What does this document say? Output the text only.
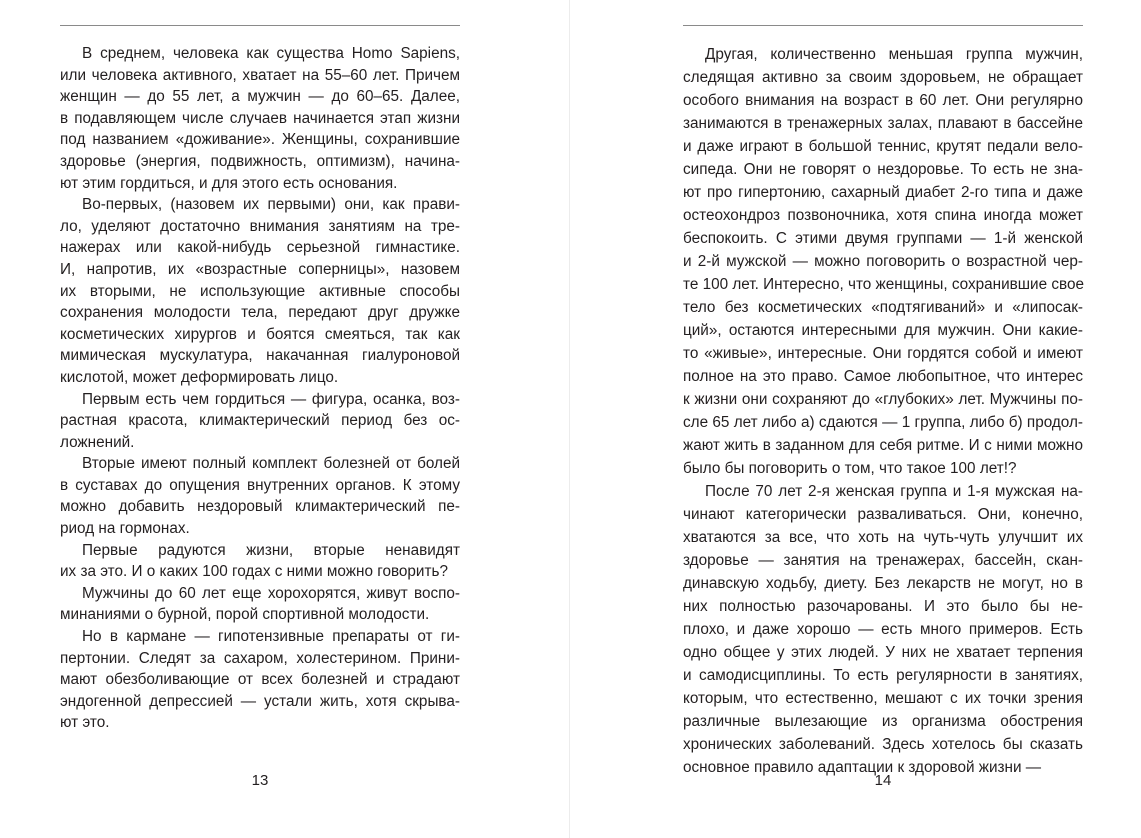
В среднем, человека как существа Homo Sapiens,
или человека активного, хватает на 55–60 лет. Причем
женщин — до 55 лет, а мужчин — до 60–65. Далее,
в подавляющем числе случаев начинается этап жизни
под названием «доживание». Женщины, сохранившие
здоровье (энергия, подвижность, оптимизм), начина-
ют этим гордиться, и для этого есть основания.
Во-первых, (назовем их первыми) они, как прави-
ло, уделяют достаточно внимания занятиям на тре-
нажерах или какой-нибудь серьезной гимнастике.
И, напротив, их «возрастные соперницы», назовем
их вторыми, не использующие активные способы
сохранения молодости тела, передают друг дружке
косметических хирургов и боятся смеяться, так как
мимическая мускулатура, накачанная гиалуроновой
кислотой, может деформировать лицо.
Первым есть чем гордиться — фигура, осанка, воз-
растная красота, климактерический период без ос-
ложнений.
Вторые имеют полный комплект болезней от болей
в суставах до опущения внутренних органов. К этому
можно добавить нездоровый климактерический пе-
риод на гормонах.
Первые радуются жизни, вторые ненавидят
их за это. И о каких 100 годах с ними можно говорить?
Мужчины до 60 лет еще хорохорятся, живут воспо-
минаниями о бурной, порой спортивной молодости.
Но в кармане — гипотензивные препараты от ги-
пертонии. Следят за сахаром, холестерином. Прини-
мают обезболивающие от всех болезней и страдают
эндогенной депрессией — устали жить, хотя скрыва-
ют это.
13
Другая, количественно меньшая группа мужчин,
следящая активно за своим здоровьем, не обращает
особого внимания на возраст в 60 лет. Они регулярно
занимаются в тренажерных залах, плавают в бассейне
и даже играют в большой теннис, крутят педали вело-
сипеда. Они не говорят о нездоровье. То есть не зна-
ют про гипертонию, сахарный диабет 2-го типа и даже
остеохондроз позвоночника, хотя спина иногда может
беспокоить. С этими двумя группами — 1-й женской
и 2-й мужской — можно поговорить о возрастной чер-
те 100 лет. Интересно, что женщины, сохранившие свое
тело без косметических «подтягиваний» и «липосак-
ций», остаются интересными для мужчин. Они какие-
то «живые», интересные. Они гордятся собой и имеют
полное на это право. Самое любопытное, что интерес
к жизни они сохраняют до «глубоких» лет. Мужчины по-
сле 65 лет либо а) сдаются — 1 группа, либо б) продол-
жают жить в заданном для себя ритме. И с ними можно
было бы поговорить о том, что такое 100 лет!?
После 70 лет 2-я женская группа и 1-я мужская на-
чинают категорически разваливаться. Они, конечно,
хватаются за все, что хоть на чуть-чуть улучшит их
здоровье — занятия на тренажерах, бассейн, скан-
динавскую ходьбу, диету. Без лекарств не могут, но в
них полностью разочарованы. И это было бы не-
плохо, и даже хорошо — есть много примеров. Есть
одно общее у этих людей. У них не хватает терпения
и самодисциплины. То есть регулярности в занятиях,
которым, что естественно, мешают с их точки зрения
различные вылезающие из организма обострения
хронических заболеваний. Здесь хотелось бы сказать
основное правило адаптации к здоровой жизни —
14
